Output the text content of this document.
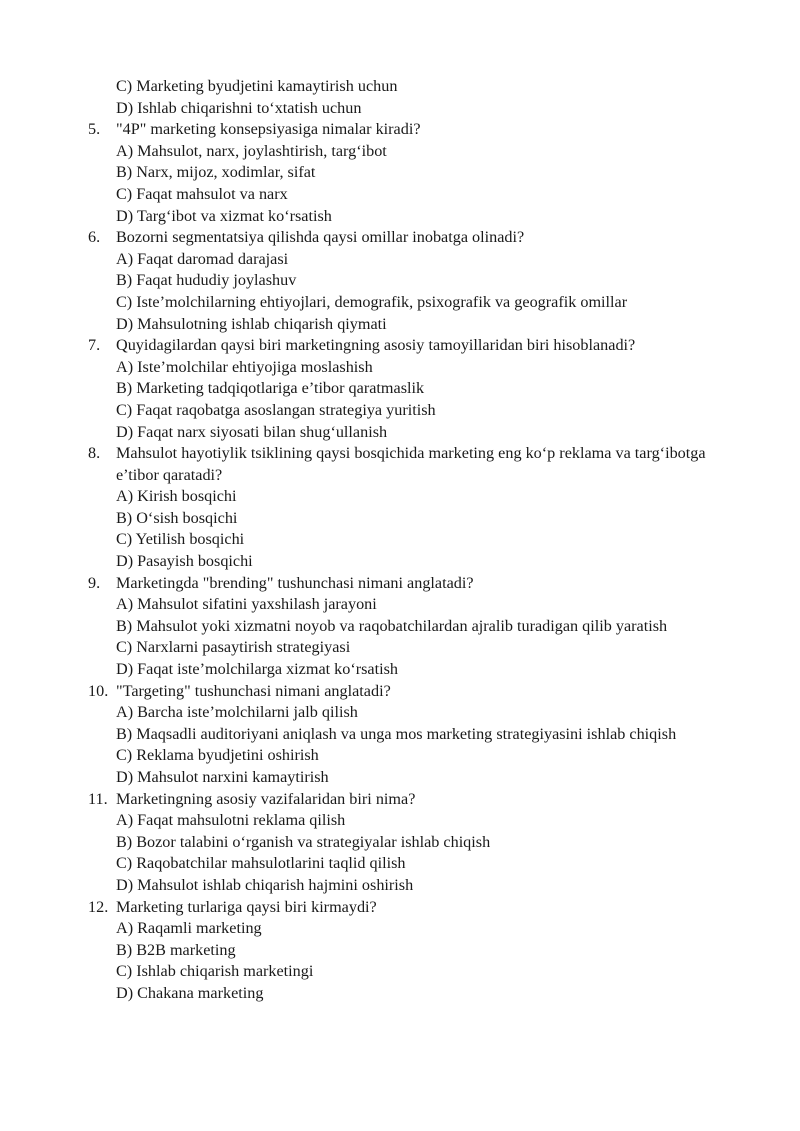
C) Marketing byudjetini kamaytirish uchun
D) Ishlab chiqarishni to‘xtatish uchun
5. "4P" marketing konsepsiyasiga nimalar kiradi?
A) Mahsulot, narx, joylashtirish, targ‘ibot
B) Narx, mijoz, xodimlar, sifat
C) Faqat mahsulot va narx
D) Targ‘ibot va xizmat ko‘rsatish
6. Bozorni segmentatsiya qilishda qaysi omillar inobatga olinadi?
A) Faqat daromad darajasi
B) Faqat hududiy joylashuv
C) Iste’molchilarning ehtiyojlari, demografik, psixografik va geografik omillar
D) Mahsulotning ishlab chiqarish qiymati
7. Quyidagilardan qaysi biri marketingning asosiy tamoyillaridan biri hisoblanadi?
A) Iste’molchilar ehtiyojiga moslashish
B) Marketing tadqiqotlariga e’tibor qaratmaslik
C) Faqat raqobatga asoslangan strategiya yuritish
D) Faqat narx siyosati bilan shug‘ullanish
8. Mahsulot hayotiylik tsiklining qaysi bosqichida marketing eng ko‘p reklama va targ‘ibotga e’tibor qaratadi?
A) Kirish bosqichi
B) O‘sish bosqichi
C) Yetilish bosqichi
D) Pasayish bosqichi
9. Marketingda "brending" tushunchasi nimani anglatadi?
A) Mahsulot sifatini yaxshilash jarayoni
B) Mahsulot yoki xizmatni noyob va raqobatchilardan ajralib turadigan qilib yaratish
C) Narxlarni pasaytirish strategiyasi
D) Faqat iste’molchilarga xizmat ko‘rsatish
10. "Targeting" tushunchasi nimani anglatadi?
A) Barcha iste’molchilarni jalb qilish
B) Maqsadli auditoriyani aniqlash va unga mos marketing strategiyasini ishlab chiqish
C) Reklama byudjetini oshirish
D) Mahsulot narxini kamaytirish
11. Marketingning asosiy vazifalaridan biri nima?
A) Faqat mahsulotni reklama qilish
B) Bozor talabini o‘rganish va strategiyalar ishlab chiqish
C) Raqobatchilar mahsulotlarini taqlid qilish
D) Mahsulot ishlab chiqarish hajmini oshirish
12. Marketing turlariga qaysi biri kirmaydi?
A) Raqamli marketing
B) B2B marketing
C) Ishlab chiqarish marketingi
D) Chakana marketing
